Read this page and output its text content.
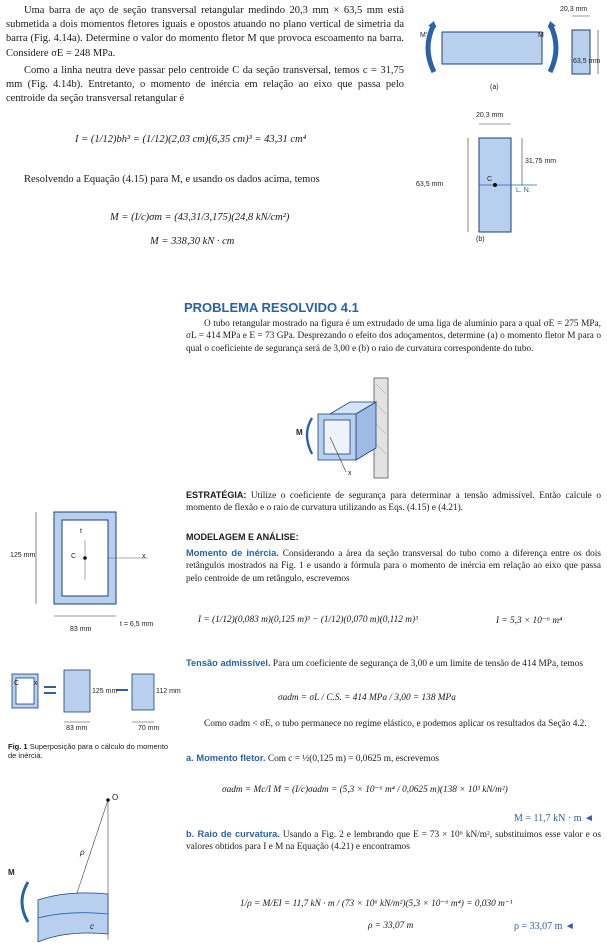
Uma barra de aço de seção transversal retangular medindo 20,3 mm × 63,5 mm está submetida a dois momentos fletores iguais e opostos atuando no plano vertical de simetria da barra (Fig. 4.14a). Determine o valor do momento fletor M que provoca escoamento na barra. Considere σE = 248 MPa.
Como a linha neutra deve passar pelo centroide C da seção transversal, temos c = 31,75 mm (Fig. 4.14b). Entretanto, o momento de inércia em relação ao eixo que passa pelo centroide da seção transversal retangular é
I = (1/12)bh³ = (1/12)(2,03 cm)(6,35 cm)³ = 43,31 cm⁴
Resolvendo a Equação (4.15) para M, e usando os dados acima, temos
M = (I/c)σm = (43,31/3,175)(24,8 kN/cm²)
M = 338,30 kN · cm
M'	M
20,3 mm
63,5 mm
(a)
20,3 mm
31,75 mm
63,5 mm
C
L. N.
(b)
PROBLEMA RESOLVIDO 4.1
O tubo retangular mostrado na figura é um extrudado de uma liga de alumínio para a qual σE = 275 MPa, σL = 414 MPa e E = 73 GPa. Desprezando o efeito dos adoçamentos, determine (a) o momento fletor M para o qual o coeficiente de segurança será de 3,00 e (b) o raio de curvatura correspondente do tubo.
M
x
ESTRATÉGIA: Utilize o coeficiente de segurança para determinar a tensão admissível. Então calcule o momento de flexão e o raio de curvatura utilizando as Eqs. (4.15) e (4.21).
MODELAGEM E ANÁLISE:
Momento de inércia. Considerando a área da seção transversal do tubo como a diferença entre os dois retângulos mostrados na Fig. 1 e usando a fórmula para o momento de inércia em relação ao eixo que passa pelo centroide de um retângulo, escrevemos
I = (1/12)(0,083 m)(0,125 m)³ − (1/12)(0,070 m)(0,112 m)³	I = 5,3 × 10⁻⁶ m⁴
125 mm	C	x
t
t = 6,5 mm
83 mm
C x
125 mm	112 mm
83 mm	70 mm
Fig. 1 Superposição para o cálculo do momento de inércia.
Tensão admissível. Para um coeficiente de segurança de 3,00 e um limite de tensão de 414 MPa, temos
σadm = σL / C.S. = 414 MPa / 3,00 = 138 MPa
Como σadm < σE, o tubo permanece no regime elástico, e podemos aplicar os resultados da Seção 4.2.
a. Momento fletor. Com c = ½(0,125 m) = 0,0625 m, escrevemos
σadm = Mc/I M = (I/c)σadm = (5,3 × 10⁻⁶ m⁴ / 0,0625 m)(138 × 10³ kN/m²)
M = 11,7 kN · m ◄
b. Raio de curvatura. Usando a Fig. 2 e lembrando que E = 73 × 10⁶ kN/m², substituímos esse valor e os valores obtidos para I e M na Equação (4.21) e encontramos
1/ρ = M/EI = 11,7 kN · m / (73 × 10⁶ kN/m²)(5,3 × 10⁻⁶ m⁴) = 0,030 m⁻¹
ρ = 33,07 m	ρ = 33,07 m ◄
O
ρ
M
c
